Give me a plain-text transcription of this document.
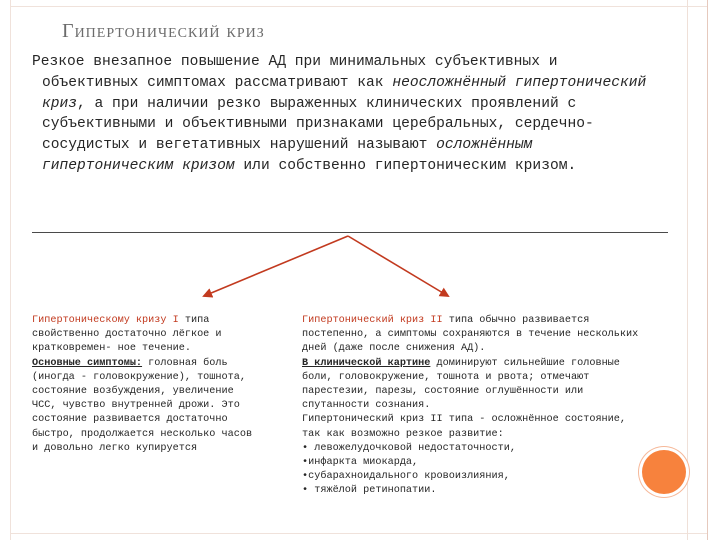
Гипертонический криз
Резкое внезапное повышение АД при минимальных субъективных и объективных симптомах рассматривают как неосложнённый гипертонический криз, а при наличии резко выраженных клинических проявлений с субъективными и объективными признаками церебральных, сердечно-сосудистых и вегетативных нарушений называют осложнённым гипертоническим кризом или собственно гипертоническим кризом.
Гипертоническому кризу I типа свойственно достаточно лёгкое и кратковремен- ное течение.
Основные симптомы: головная боль (иногда - головокружение), тошнота, состояние возбуждения, увеличение ЧСС, чувство внутренней дрожи. Это состояние развивается достаточно быстро, продолжается несколько часов и довольно легко купируется
Гипертонический криз II типа обычно развивается постепенно, а симптомы сохраняются в течение нескольких дней (даже после снижения АД).
В клинической картине доминируют сильнейшие головные боли, головокружение, тошнота и рвота; отмечают парестезии, парезы, состояние оглушённости или спутанности сознания.
Гипертонический криз II типа - осложнённое состояние, так как возможно резкое развитие:
• левожелудочковой недостаточности,
•инфаркта миокарда,
•субарахноидального кровоизлияния,
• тяжёлой ретинопатии.
